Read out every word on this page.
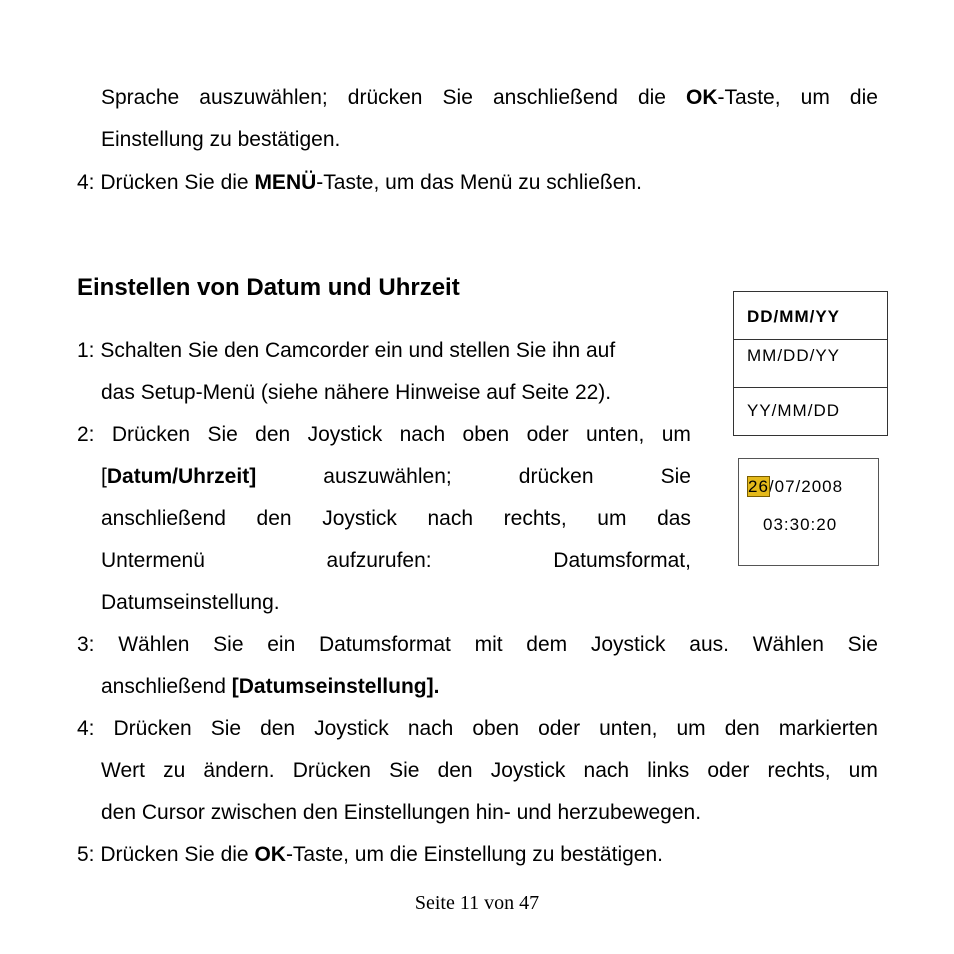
Sprache auszuwählen; drücken Sie anschließend die OK-Taste, um die
Einstellung zu bestätigen.
4: Drücken Sie die MENÜ-Taste, um das Menü zu schließen.
Einstellen von Datum und Uhrzeit
1: Schalten Sie den Camcorder ein und stellen Sie ihn auf
das Setup-Menü (siehe nähere Hinweise auf Seite 22).
2: Drücken Sie den Joystick nach oben oder unten, um
[Datum/Uhrzeit]	auszuwählen;	drücken	Sie
anschließend den Joystick nach rechts, um das
Untermenü	aufzurufen:	Datumsformat,
Datumseinstellung.
3: Wählen Sie ein Datumsformat mit dem Joystick aus. Wählen Sie
anschließend [Datumseinstellung].
4: Drücken Sie den Joystick nach oben oder unten, um den markierten
Wert zu ändern. Drücken Sie den Joystick nach links oder rechts, um
den Cursor zwischen den Einstellungen hin- und herzubewegen.
5: Drücken Sie die OK-Taste, um die Einstellung zu bestätigen.
DD/MM/YY
MM/DD/YY
YY/MM/DD
26/07/2008
03:30:20
Seite 11 von 47
